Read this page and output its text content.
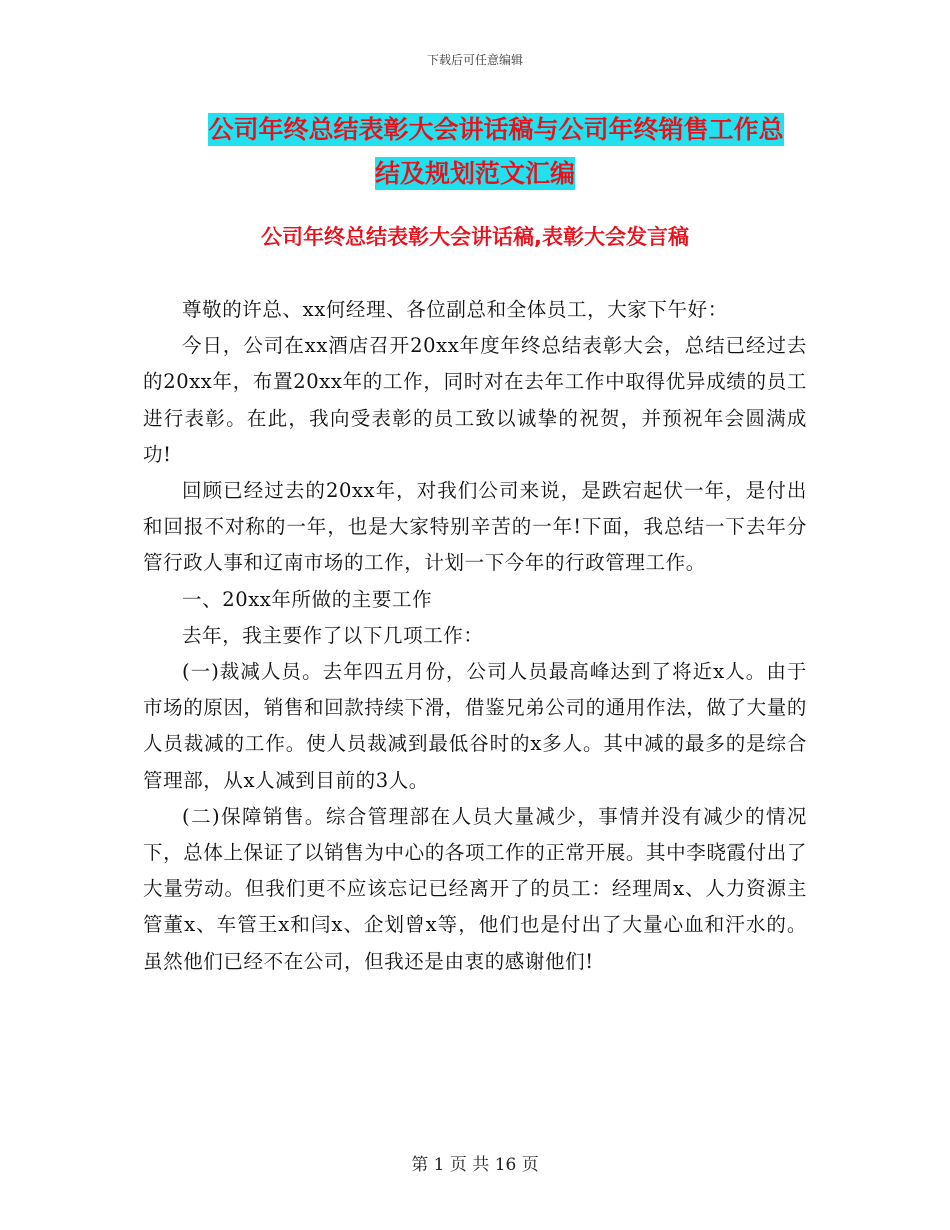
下载后可任意编辑
公司年终总结表彰大会讲话稿与公司年终销售工作总
结及规划范文汇编
公司年终总结表彰大会讲话稿,表彰大会发言稿

尊敬的许总、xx何经理、各位副总和全体员工，大家下午好：

今日，公司在xx酒店召开20xx年度年终总结表彰大会，总结已经过去的20xx年，布置20xx年的工作，同时对在去年工作中取得优异成绩的员工进行表彰。在此，我向受表彰的员工致以诚挚的祝贺，并预祝年会圆满成功!

回顾已经过去的20xx年，对我们公司来说，是跌宕起伏一年，是付出和回报不对称的一年，也是大家特别辛苦的一年!下面，我总结一下去年分管行政人事和辽南市场的工作，计划一下今年的行政管理工作。

一、20xx年所做的主要工作

去年，我主要作了以下几项工作：

(一)裁减人员。去年四五月份，公司人员最高峰达到了将近x人。由于市场的原因，销售和回款持续下滑，借鉴兄弟公司的通用作法，做了大量的人员裁减的工作。使人员裁减到最低谷时的x多人。其中减的最多的是综合管理部，从x人减到目前的3人。

(二)保障销售。综合管理部在人员大量减少，事情并没有减少的情况下，总体上保证了以销售为中心的各项工作的正常开展。其中李晓霞付出了大量劳动。但我们更不应该忘记已经离开了的员工：经理周x、人力资源主管董x、车管王x和闫x、企划曾x等，他们也是付出了大量心血和汗水的。虽然他们已经不在公司，但我还是由衷的感谢他们!

第 1 页 共 16 页
